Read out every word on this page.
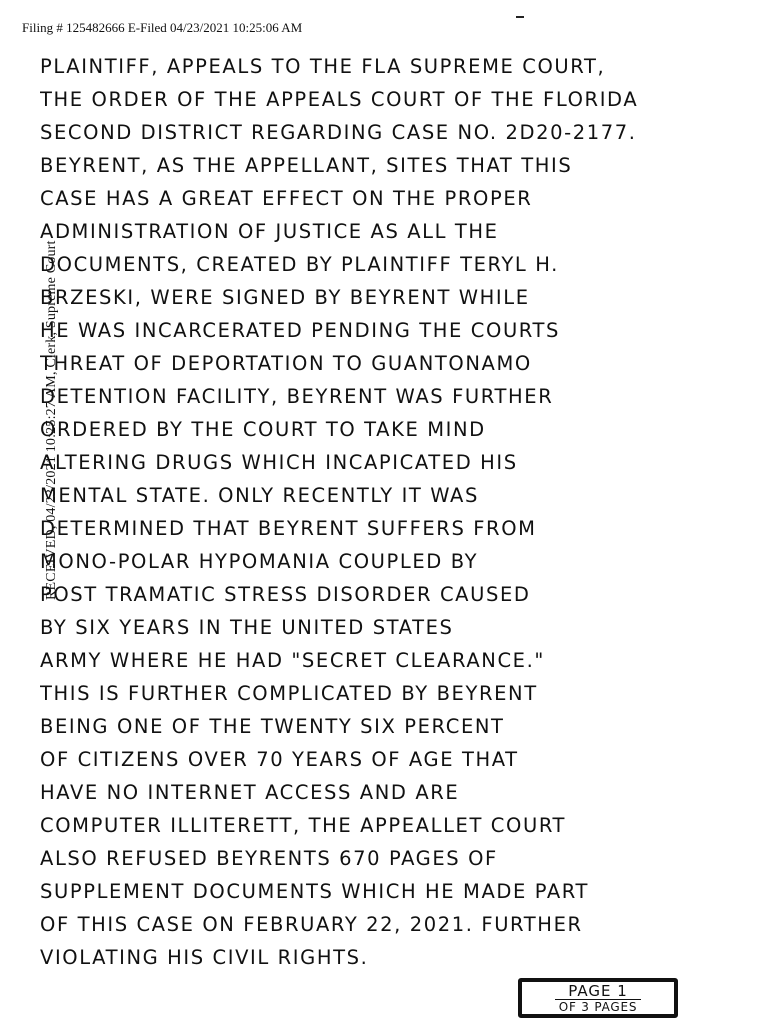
Filing # 125482666 E-Filed 04/23/2021 10:25:06 AM
RECEIVED, 04/23/2021 10:25:27 AM, Clerk, Supreme Court
PLAINTIFF, APPEALS TO THE FLA SUPREME COURT,
THE ORDER OF THE APPEALS COURT OF THE FLORIDA
SECOND DISTRICT REGARDING CASE NO. 2D20-2177.
BEYRENT, AS THE APPELLANT, SITES THAT THIS
CASE HAS A GREAT EFFECT ON THE PROPER
ADMINISTRATION OF JUSTICE AS ALL THE
DOCUMENTS, CREATED BY PLAINTIFF TERYL H.
BRZESKI, WERE SIGNED BY BEYRENT WHILE
HE WAS INCARCERATED PENDING THE COURTS
THREAT OF DEPORTATION TO GUANTONAMO
DETENTION FACILITY, BEYRENT WAS FURTHER
ORDERED BY THE COURT TO TAKE MIND
ALTERING DRUGS WHICH INCAPICATED HIS
MENTAL STATE. ONLY RECENTLY IT WAS
DETERMINED THAT BEYRENT SUFFERS FROM
MONO-POLAR HYPOMANIA COUPLED BY
POST TRAMATIC STRESS DISORDER CAUSED
BY SIX YEARS IN THE UNITED STATES
ARMY WHERE HE HAD "SECRET CLEARANCE."
THIS IS FURTHER COMPLICATED BY BEYRENT
BEING ONE OF THE TWENTY SIX PERCENT
OF CITIZENS OVER 70 YEARS OF AGE THAT
HAVE NO INTERNET ACCESS AND ARE
COMPUTER ILLITERETT, THE APPEALLET COURT
ALSO REFUSED BEYRENTS 670 PAGES OF
SUPPLEMENT DOCUMENTS WHICH HE MADE PART
OF THIS CASE ON FEBRUARY 22, 2021. FURTHER
VIOLATING HIS CIVIL RIGHTS.
PAGE 1
OF 3 PAGES
